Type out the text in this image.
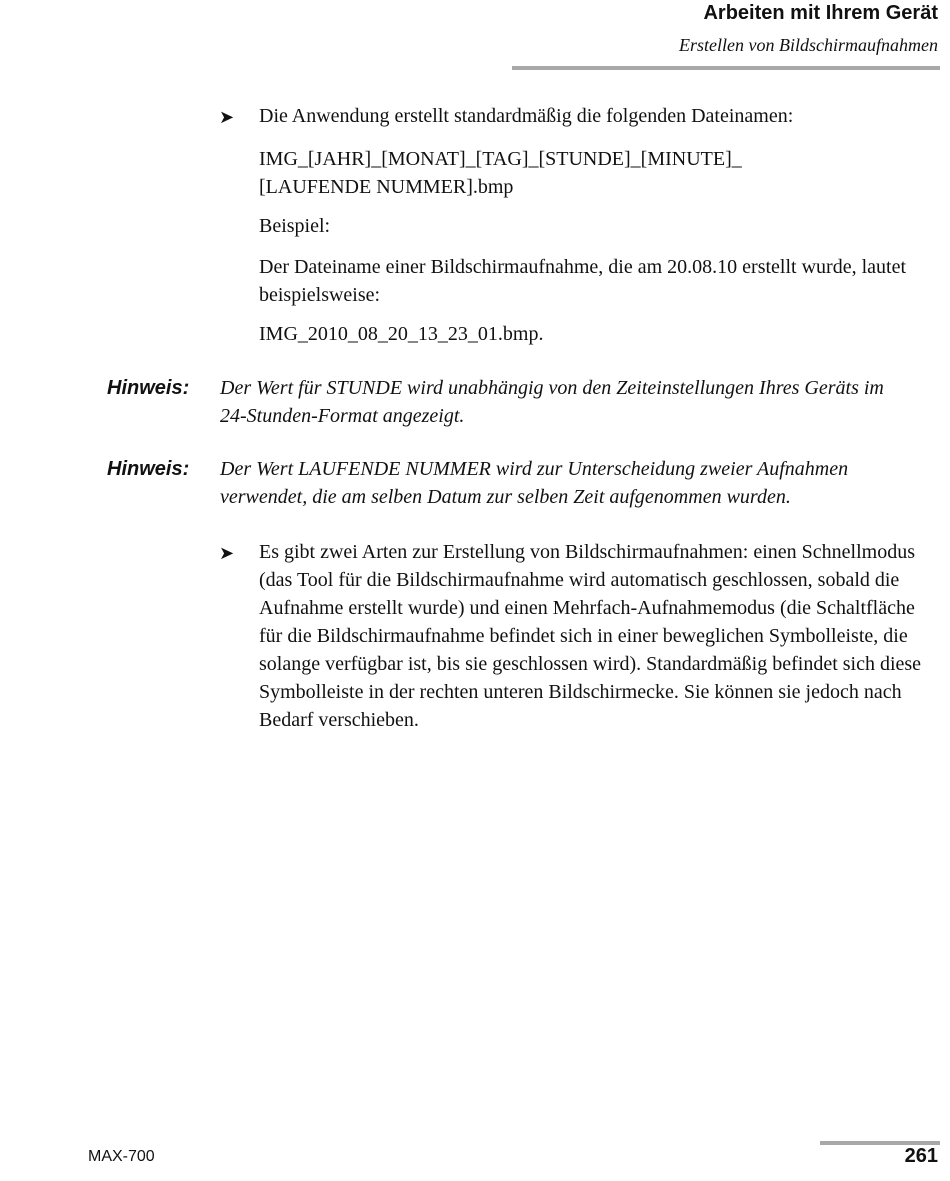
Arbeiten mit Ihrem Gerät
Erstellen von Bildschirmaufnahmen
➤ Die Anwendung erstellt standardmäßig die folgenden Dateinamen:

IMG_[JAHR]_[MONAT]_[TAG]_[STUNDE]_[MINUTE]_
[LAUFENDE NUMMER].bmp

Beispiel:

Der Dateiname einer Bildschirmaufnahme, die am 20.08.10 erstellt wurde, lautet beispielsweise:

IMG_2010_08_20_13_23_01.bmp.

Hinweis: Der Wert für STUNDE wird unabhängig von den Zeiteinstellungen Ihres Geräts im 24-Stunden-Format angezeigt.

Hinweis: Der Wert LAUFENDE NUMMER wird zur Unterscheidung zweier Aufnahmen verwendet, die am selben Datum zur selben Zeit aufgenommen wurden.

➤ Es gibt zwei Arten zur Erstellung von Bildschirmaufnahmen: einen Schnellmodus (das Tool für die Bildschirmaufnahme wird automatisch geschlossen, sobald die Aufnahme erstellt wurde) und einen Mehrfach-Aufnahmemodus (die Schaltfläche für die Bildschirmaufnahme befindet sich in einer beweglichen Symbolleiste, die solange verfügbar ist, bis sie geschlossen wird). Standardmäßig befindet sich diese Symbolleiste in der rechten unteren Bildschirmecke. Sie können sie jedoch nach Bedarf verschieben.

MAX-700	261
